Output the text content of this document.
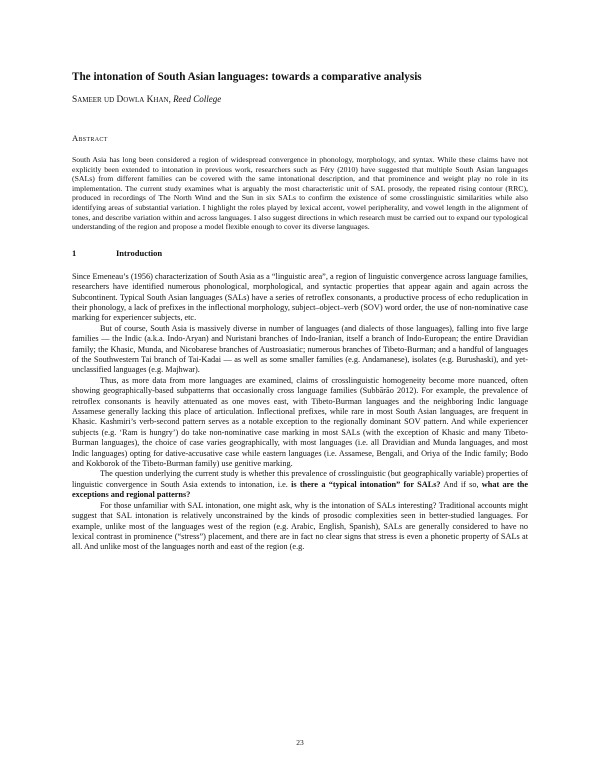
The intonation of South Asian languages: towards a comparative analysis
Sameer ud Dowla Khan, Reed College
Abstract
South Asia has long been considered a region of widespread convergence in phonology, morphology, and syntax. While these claims have not explicitly been extended to intonation in previous work, researchers such as Féry (2010) have suggested that multiple South Asian languages (SALs) from different families can be covered with the same intonational description, and that prominence and weight play no role in its implementation. The current study examines what is arguably the most characteristic unit of SAL prosody, the repeated rising contour (RRC), produced in recordings of The North Wind and the Sun in six SALs to confirm the existence of some crosslinguistic similarities while also identifying areas of substantial variation. I highlight the roles played by lexical accent, vowel peripherality, and vowel length in the alignment of tones, and describe variation within and across languages. I also suggest directions in which research must be carried out to expand our typological understanding of the region and propose a model flexible enough to cover its diverse languages.
1	Introduction

Since Emeneau’s (1956) characterization of South Asia as a “linguistic area”, a region of linguistic convergence across language families, researchers have identified numerous phonological, morphological, and syntactic properties that appear again and again across the Subcontinent. Typical South Asian languages (SALs) have a series of retroflex consonants, a productive process of echo reduplication in their phonology, a lack of prefixes in the inflectional morphology, subject–object–verb (SOV) word order, the use of non-nominative case marking for experiencer subjects, etc.

But of course, South Asia is massively diverse in number of languages (and dialects of those languages), falling into five large families — the Indic (a.k.a. Indo-Aryan) and Nuristani branches of Indo-Iranian, itself a branch of Indo-European; the entire Dravidian family; the Khasic, Munda, and Nicobarese branches of Austroasiatic; numerous branches of Tibeto-Burman; and a handful of languages of the Southwestern Tai branch of Tai-Kadai — as well as some smaller families (e.g. Andamanese), isolates (e.g. Burushaski), and yet-unclassified languages (e.g. Majhwar).

Thus, as more data from more languages are examined, claims of crosslinguistic homogeneity become more nuanced, often showing geographically-based subpatterns that occasionally cross language families (Subbārāo 2012). For example, the prevalence of retroflex consonants is heavily attenuated as one moves east, with Tibeto-Burman languages and the neighboring Indic language Assamese generally lacking this place of articulation. Inflectional prefixes, while rare in most South Asian languages, are frequent in Khasic. Kashmiri’s verb-second pattern serves as a notable exception to the regionally dominant SOV pattern. And while experiencer subjects (e.g. ‘Ram is hungry’) do take non-nominative case marking in most SALs (with the exception of Khasic and many Tibeto-Burman languages), the choice of case varies geographically, with most languages (i.e. all Dravidian and Munda languages, and most Indic languages) opting for dative-accusative case while eastern languages (i.e. Assamese, Bengali, and Oriya of the Indic family; Bodo and Kokborok of the Tibeto-Burman family) use genitive marking.

The question underlying the current study is whether this prevalence of crosslinguistic (but geographically variable) properties of linguistic convergence in South Asia extends to intonation, i.e. is there a “typical intonation” for SALs? And if so, what are the exceptions and regional patterns?

For those unfamiliar with SAL intonation, one might ask, why is the intonation of SALs interesting? Traditional accounts might suggest that SAL intonation is relatively unconstrained by the kinds of prosodic complexities seen in better-studied languages. For example, unlike most of the languages west of the region (e.g. Arabic, English, Spanish), SALs are generally considered to have no lexical contrast in prominence (“stress”) placement, and there are in fact no clear signs that stress is even a phonetic property of SALs at all. And unlike most of the languages north and east of the region (e.g.

23
